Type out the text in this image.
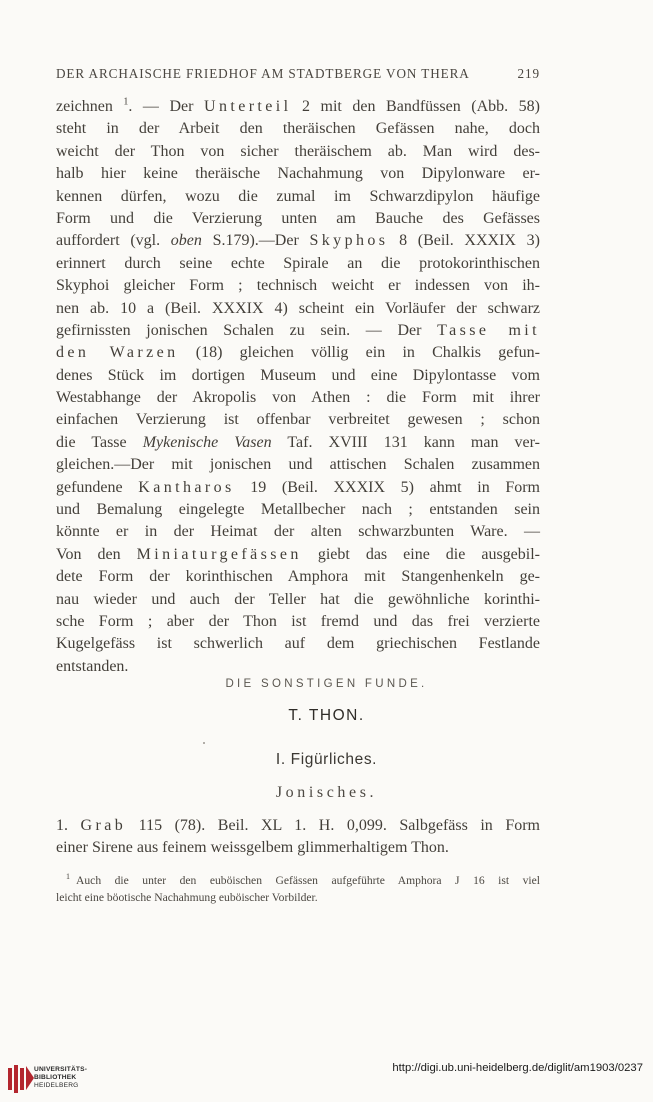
DER ARCHAISCHE FRIEDHOF AM STADTBERGE VON THERA	219
zeichnen $^1$. — Der Unterteil 2 mit den Bandfüssen (Abb. 58)
steht in der Arbeit den theräischen Gefässen nahe, doch
weicht der Thon von sicher theräischem ab. Man wird des-
halb hier keine theräische Nachahmung von Dipylonware er-
kennen dürfen, wozu die zumal im Schwarzdipylon häufige
Form und die Verzierung unten am Bauche des Gefässes
auffordert (vgl. oben S.179).—Der Skyphos 8 (Beil. XXXIX 3)
erinnert durch seine echte Spirale an die protokorinthischen
Skyphoi gleicher Form ; technisch weicht er indessen von ih-
nen ab. 10 a (Beil. XXXIX 4) scheint ein Vorläufer der schwarz
gefirnissten jonischen Schalen zu sein. — Der Tasse mit
den Warzen (18) gleichen völlig ein in Chalkis gefun-
denes Stück im dortigen Museum und eine Dipylontasse vom
Westabhange der Akropolis von Athen : die Form mit ihrer
einfachen Verzierung ist offenbar verbreitet gewesen ; schon
die Tasse Mykenische Vasen Taf. XVIII 131 kann man ver-
gleichen.—Der mit jonischen und attischen Schalen zusammen
gefundene Kantharos 19 (Beil. XXXIX 5) ahmt in Form
und Bemalung eingelegte Metallbecher nach ; entstanden sein
könnte er in der Heimat der alten schwarzbunten Ware. —
Von den Miniaturgefässen giebt das eine die ausgebil-
dete Form der korinthischen Amphora mit Stangenhenkeln ge-
nau wieder und auch der Teller hat die gewöhnliche korinthi-
sche Form ; aber der Thon ist fremd und das frei verzierte
Kugelgefäss ist schwerlich auf dem griechischen Festlande
entstanden.
DIE SONSTIGEN FUNDE.
T. THON.
I. Figürliches.
Jonisches.
1. Grab 115 (78). Beil. XL 1. H. 0,099. Salbgefäss in Form
einer Sirene aus feinem weissgelbem glimmerhaltigem Thon.
$^1$ Auch die unter den euböischen Gefässen aufgeführte Amphora J 16 ist viel
leicht eine böotische Nachahmung euböischer Vorbilder.
UNIVERSITÄTS-
BIBLIOTHEK
HEIDELBERG
http://digi.ub.uni-heidelberg.de/diglit/am1903/0237
